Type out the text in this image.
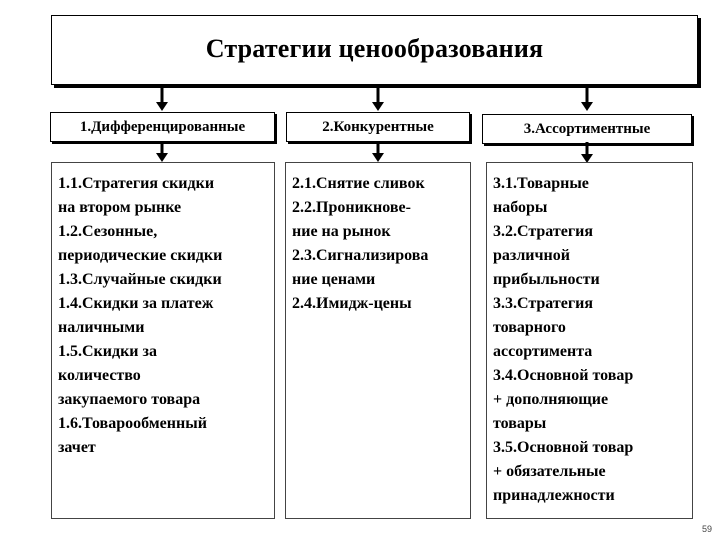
Стратегии ценообразования
1.Дифференцированные	2.Конкурентные	3.Ассортиментные
1.1.Стратегия скидки
на втором рынке
1.2.Сезонные,
периодические скидки
1.3.Случайные скидки
1.4.Скидки за платеж
наличными
1.5.Скидки за
количество
закупаемого товара
1.6.Товарообменный
зачет
2.1.Снятие сливок
2.2.Проникнове-
ние на рынок
2.3.Сигнализирова
ние ценами
2.4.Имидж-цены
3.1.Товарные
наборы
3.2.Стратегия
различной
прибыльности
3.3.Стратегия
товарного
ассортимента
3.4.Основной товар
+ дополняющие
товары
3.5.Основной товар
+ обязательные
принадлежности
59
